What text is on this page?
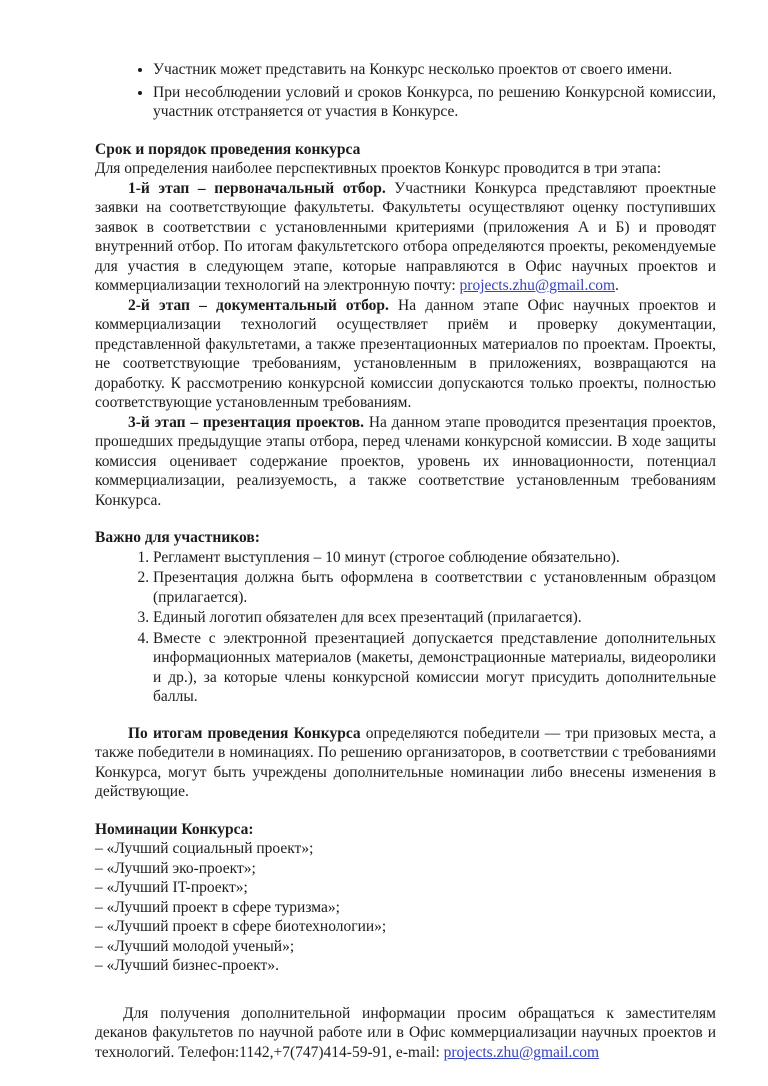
• Участник может представить на Конкурс несколько проектов от своего имени.
• При несоблюдении условий и сроков Конкурса, по решению Конкурсной комиссии, участник отстраняется от участия в Конкурсе.
Срок и порядок проведения конкурса

Для определения наиболее перспективных проектов Конкурс проводится в три этапа:

1-й этап – первоначальный отбор. Участники Конкурса представляют проектные заявки на соответствующие факультеты. Факультеты осуществляют оценку поступивших заявок в соответствии с установленными критериями (приложения А и Б) и проводят внутренний отбор. По итогам факультетского отбора определяются проекты, рекомендуемые для участия в следующем этапе, которые направляются в Офис научных проектов и коммерциализации технологий на электронную почту: projects.zhu@gmail.com.

2-й этап – документальный отбор. На данном этапе Офис научных проектов и коммерциализации технологий осуществляет приём и проверку документации, представленной факультетами, а также презентационных материалов по проектам. Проекты, не соответствующие требованиям, установленным в приложениях, возвращаются на доработку. К рассмотрению конкурсной комиссии допускаются только проекты, полностью соответствующие установленным требованиям.

3-й этап – презентация проектов. На данном этапе проводится презентация проектов, прошедших предыдущие этапы отбора, перед членами конкурсной комиссии. В ходе защиты комиссия оценивает содержание проектов, уровень их инновационности, потенциал коммерциализации, реализуемость, а также соответствие установленным требованиям Конкурса.

Важно для участников:
1. Регламент выступления – 10 минут (строгое соблюдение обязательно).
2. Презентация должна быть оформлена в соответствии с установленным образцом (прилагается).
3. Единый логотип обязателен для всех презентаций (прилагается).
4. Вместе с электронной презентацией допускается представление дополнительных информационных материалов (макеты, демонстрационные материалы, видеоролики и др.), за которые члены конкурсной комиссии могут присудить дополнительные баллы.

По итогам проведения Конкурса определяются победители — три призовых места, а также победители в номинациях. По решению организаторов, в соответствии с требованиями Конкурса, могут быть учреждены дополнительные номинации либо внесены изменения в действующие.

Номинации Конкурса:

– «Лучший социальный проект»;

– «Лучший эко-проект»;

– «Лучший IT-проект»;

– «Лучший проект в сфере туризма»;

– «Лучший проект в сфере биотехнологии»;

– «Лучший молодой ученый»;

– «Лучший бизнес-проект».

Для получения дополнительной информации просим обращаться к заместителям деканов факультетов по научной работе или в Офис коммерциализации научных проектов и технологий. Телефон:1142,+7(747)414-59-91, e-mail: projects.zhu@gmail.com
